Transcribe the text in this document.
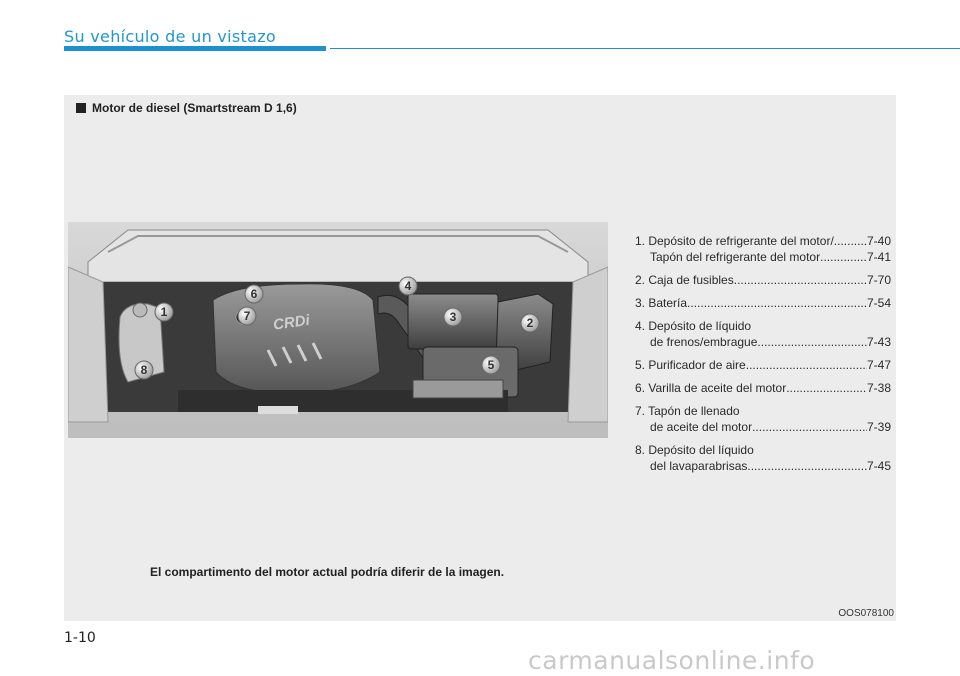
Su vehículo de un vistazo
Motor de diesel (Smartstream D 1,6)
CRDi
1
2
3
4
5
6
7
8
1. Depósito de refrigerante del motor/ .....	7-40
Tapón del refrigerante del motor .....	7-41
2. Caja de fusibles .....	7-70
3. Batería .....	7-54
4. Depósito de líquido
de frenos/embrague .....	7-43
5. Purificador de aire .....	7-47
6. Varilla de aceite del motor .....	7-38
7. Tapón de llenado
de aceite del motor .....	7-39
8. Depósito del líquido
del lavaparabrisas .....	7-45
El compartimento del motor actual podría diferir de la imagen.
OOS078100
1-10
carmanualsonline.info
